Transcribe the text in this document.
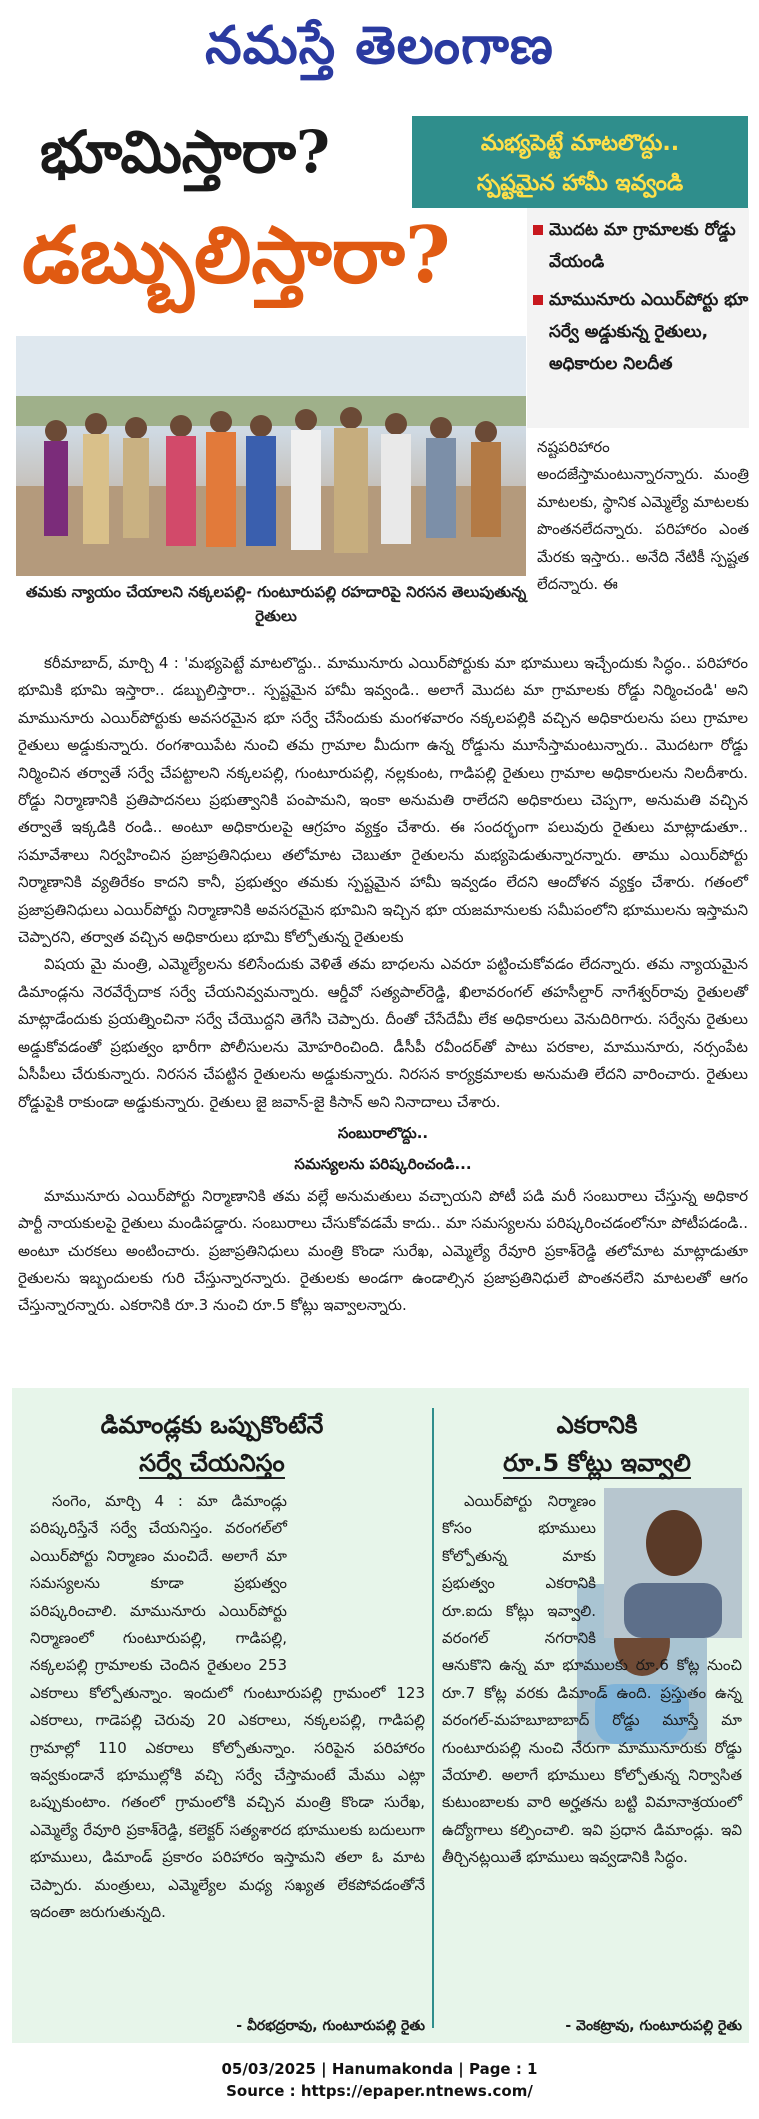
నమస్తే తెలంగాణ
భూమిస్తారా?
డబ్బులిస్తారా?
మభ్యపెట్టే మాటలొద్దు..
స్పష్టమైన హామీ ఇవ్వండి
మొదట మా గ్రామాలకు రోడ్డు వేయండి
మామునూరు ఎయిర్‌పోర్టు భూ సర్వే అడ్డుకున్న రైతులు, అధికారుల నిలదీత
తమకు న్యాయం చేయాలని నక్కలపల్లి- గుంటూరుపల్లి రహదారిపై నిరసన తెలుపుతున్న రైతులు

నష్టపరిహారం అందజేస్తామంటున్నారన్నారు. మంత్రి మాటలకు, స్థానిక ఎమ్మెల్యే మాటలకు పొంతనలేదన్నారు. పరిహారం ఎంత మేరకు ఇస్తారు.. అనేది నేటికీ స్పష్టత లేదన్నారు. ఈ

కరీమాబాద్, మార్చి 4 : 'మభ్యపెట్టే మాటలొద్దు.. మామునూరు ఎయిర్‌పోర్టుకు మా భూములు ఇచ్చేందుకు సిద్ధం.. పరిహారం భూమికి భూమి ఇస్తారా.. డబ్బులిస్తారా.. స్పష్టమైన హామీ ఇవ్వండి.. అలాగే మొదట మా గ్రామాలకు రోడ్డు నిర్మించండి' అని మామునూరు ఎయిర్‌పోర్టుకు అవసరమైన భూ సర్వే చేసేందుకు మంగళవారం నక్కలపల్లికి వచ్చిన అధికారులను పలు గ్రామాల రైతులు అడ్డుకున్నారు. రంగశాయిపేట నుంచి తమ గ్రామాల మీదుగా ఉన్న రోడ్డును మూసేస్తామంటున్నారు.. మొదటగా రోడ్డు నిర్మించిన తర్వాతే సర్వే చేపట్టాలని నక్కలపల్లి, గుంటూరుపల్లి, నల్లకుంట, గాడిపల్లి రైతులు గ్రామాల అధికారులను నిలదీశారు. రోడ్డు నిర్మాణానికి ప్రతిపాదనలు ప్రభుత్వానికి పంపామని, ఇంకా అనుమతి రాలేదని అధికారులు చెప్పగా, అనుమతి వచ్చిన తర్వాతే ఇక్కడికి రండి.. అంటూ అధికారులపై ఆగ్రహం వ్యక్తం చేశారు. ఈ సందర్భంగా పలువురు రైతులు మాట్లాడుతూ.. సమావేశాలు నిర్వహించిన ప్రజాప్రతినిధులు తలోమాట చెబుతూ రైతులను మభ్యపెడుతున్నారన్నారు. తాము ఎయిర్‌పోర్టు నిర్మాణానికి వ్యతిరేకం కాదని కానీ, ప్రభుత్వం తమకు స్పష్టమైన హామీ ఇవ్వడం లేదని ఆందోళన వ్యక్తం చేశారు. గతంలో ప్రజాప్రతినిధులు ఎయిర్‌పోర్టు నిర్మాణానికి అవసరమైన భూమిని ఇచ్చిన భూ యజమానులకు సమీపంలోని భూములను ఇస్తామని చెప్పారని, తర్వాత వచ్చిన అధికారులు భూమి కోల్పోతున్న రైతులకు

విషయ మై మంత్రి, ఎమ్మెల్యేలను కలిసేందుకు వెళితే తమ బాధలను ఎవరూ పట్టించుకోవడం లేదన్నారు. తమ న్యాయమైన డిమాండ్లను నెరవేర్చేదాక సర్వే చేయనివ్వమన్నారు. ఆర్డీవో సత్యపాల్‌రెడ్డి, ఖిలావరంగల్ తహసీల్దార్ నాగేశ్వర్‌రావు రైతులతో మాట్లాడేందుకు ప్రయత్నించినా సర్వే చేయొద్దని తెగేసి చెప్పారు. దీంతో చేసేదేమీ లేక అధికారులు వెనుదిరిగారు. సర్వేను రైతులు అడ్డుకోవడంతో ప్రభుత్వం భారీగా పోలీసులను మోహరించింది. డీసీపీ రవీందర్‌తో పాటు పరకాల, మామునూరు, నర్సంపేట ఏసీపీలు చేరుకున్నారు. నిరసన చేపట్టిన రైతులను అడ్డుకున్నారు. నిరసన కార్యక్రమాలకు అనుమతి లేదని వారించారు. రైతులు రోడ్డుపైకి రాకుండా అడ్డుకున్నారు. రైతులు జై జవాన్-జై కిసాన్ అని నినాదాలు చేశారు.

సంబురాలొద్దు..

సమస్యలను పరిష్కరించండి...

మామునూరు ఎయిర్‌పోర్టు నిర్మాణానికి తమ వల్లే అనుమతులు వచ్చాయని పోటీ పడి మరీ సంబురాలు చేస్తున్న అధికార పార్టీ నాయకులపై రైతులు మండిపడ్డారు. సంబురాలు చేసుకోవడమే కాదు.. మా సమస్యలను పరిష్కరించడంలోనూ పోటీపడండి.. అంటూ చురకలు అంటించారు. ప్రజాప్రతినిధులు మంత్రి కొండా సురేఖ, ఎమ్మెల్యే రేవూరి ప్రకాశ్‌రెడ్డి తలోమాట మాట్లాడుతూ రైతులను ఇబ్బందులకు గురి చేస్తున్నారన్నారు. రైతులకు అండగా ఉండాల్సిన ప్రజాప్రతినిధులే పొంతనలేని మాటలతో ఆగం చేస్తున్నారన్నారు. ఎకరానికి రూ.3 నుంచి రూ.5 కోట్లు ఇవ్వాలన్నారు.

డిమాండ్లకు ఒప్పుకొంటేనే
సర్వే చేయనిస్తం
ఎకరానికి
రూ.5 కోట్లు ఇవ్వాలి

సంగెం, మార్చి 4 : మా డిమాండ్లు పరిష్కరిస్తేనే సర్వే చేయనిస్తం. వరంగల్‌లో ఎయిర్‌పోర్టు నిర్మాణం మంచిదే. అలాగే మా సమస్యలను కూడా ప్రభుత్వం పరిష్కరించాలి. మామునూరు ఎయిర్‌పోర్టు నిర్మాణంలో గుంటూరుపల్లి, గాడిపల్లి, నక్కలపల్లి గ్రామాలకు చెందిన రైతులం 253 ఎకరాలు కోల్పోతున్నాం. ఇందులో గుంటూరుపల్లి గ్రామంలో 123 ఎకరాలు, గాడెపల్లి చెరువు 20 ఎకరాలు, నక్కలపల్లి, గాడిపల్లి గ్రామాల్లో 110 ఎకరాలు కోల్పోతున్నాం. సరిపైన పరిహారం ఇవ్వకుండానే భూముల్లోకి వచ్చి సర్వే చేస్తామంటే మేము ఎట్లా ఒప్పుకుంటాం. గతంలో గ్రామంలోకి వచ్చిన మంత్రి కొండా సురేఖ, ఎమ్మెల్యే రేవూరి ప్రకాశ్‌రెడ్డి, కలెక్టర్ సత్యశారద భూములకు బదులుగా భూములు, డిమాండ్ ప్రకారం పరిహారం ఇస్తామని తలా ఓ మాట చెప్పారు. మంత్రులు, ఎమ్మెల్యేల మధ్య సఖ్యత లేకపోవడంతోనే ఇదంతా జరుగుతున్నది.

ఎయిర్‌పోర్టు నిర్మాణం కోసం భూములు కోల్పోతున్న మాకు ప్రభుత్వం ఎకరానికి రూ.ఐదు కోట్లు ఇవ్వాలి. వరంగల్ నగరానికి ఆనుకొని ఉన్న మా భూములకు రూ.6 కోట్ల నుంచి రూ.7 కోట్ల వరకు డిమాండ్ ఉంది. ప్రస్తుతం ఉన్న వరంగల్-మహబూబాబాద్ రోడ్డు మూస్తే మా గుంటూరుపల్లి నుంచి నేరుగా మామునూరుకు రోడ్డు వేయాలి. అలాగే భూములు కోల్పోతున్న నిర్వాసిత కుటుంబాలకు వారి అర్హతను బట్టి విమానాశ్రయంలో ఉద్యోగాలు కల్పించాలి. ఇవి ప్రధాన డిమాండ్లు. ఇవి తీర్చినట్లయితే భూములు ఇవ్వడానికి సిద్ధం.

- వీరభద్రరావు, గుంటూరుపల్లి రైతు	- వెంకట్రావు, గుంటూరుపల్లి రైతు
05/03/2025 | Hanumakonda | Page : 1
Source : https://epaper.ntnews.com/
